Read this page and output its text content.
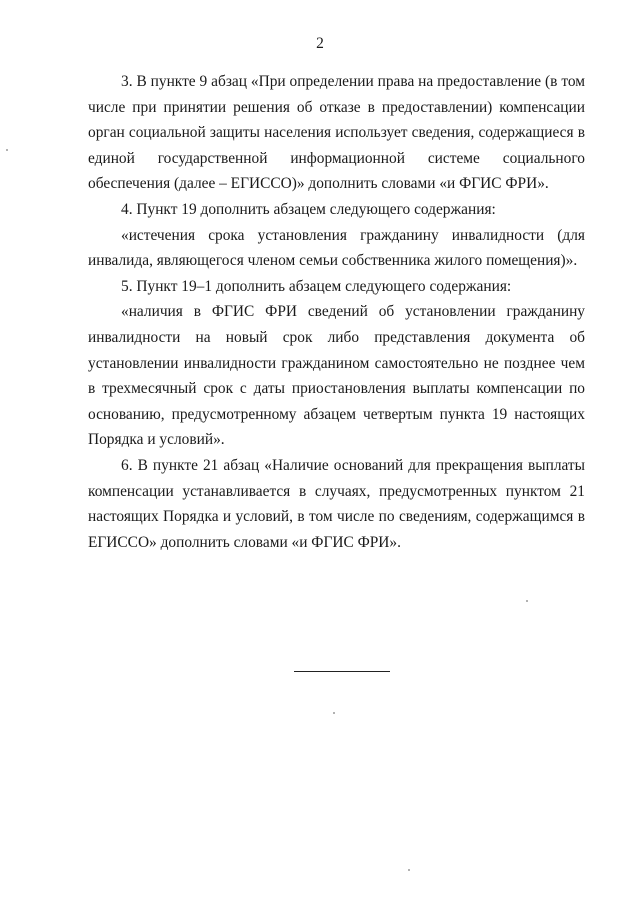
2

3. В пункте 9 абзац «При определении права на предоставление (в том числе при принятии решения об отказе в предоставлении) компенсации орган социальной защиты населения использует сведения, содержащиеся в единой государственной информационной системе социального обеспечения (далее – ЕГИССО)» дополнить словами «и ФГИС ФРИ».

4. Пункт 19 дополнить абзацем следующего содержания:

«истечения срока установления гражданину инвалидности (для инвалида, являющегося членом семьи собственника жилого помещения)».

5. Пункт 19–1 дополнить абзацем следующего содержания:

«наличия в ФГИС ФРИ сведений об установлении гражданину инвалидности на новый срок либо представления документа об установлении инвалидности гражданином самостоятельно не позднее чем в трехмесячный срок с даты приостановления выплаты компенсации по основанию, предусмотренному абзацем четвертым пункта 19 настоящих Порядка и условий».

6. В пункте 21 абзац «Наличие оснований для прекращения выплаты компенсации устанавливается в случаях, предусмотренных пунктом 21 настоящих Порядка и условий, в том числе по сведениям, содержащимся в ЕГИССО» дополнить словами «и ФГИС ФРИ».
